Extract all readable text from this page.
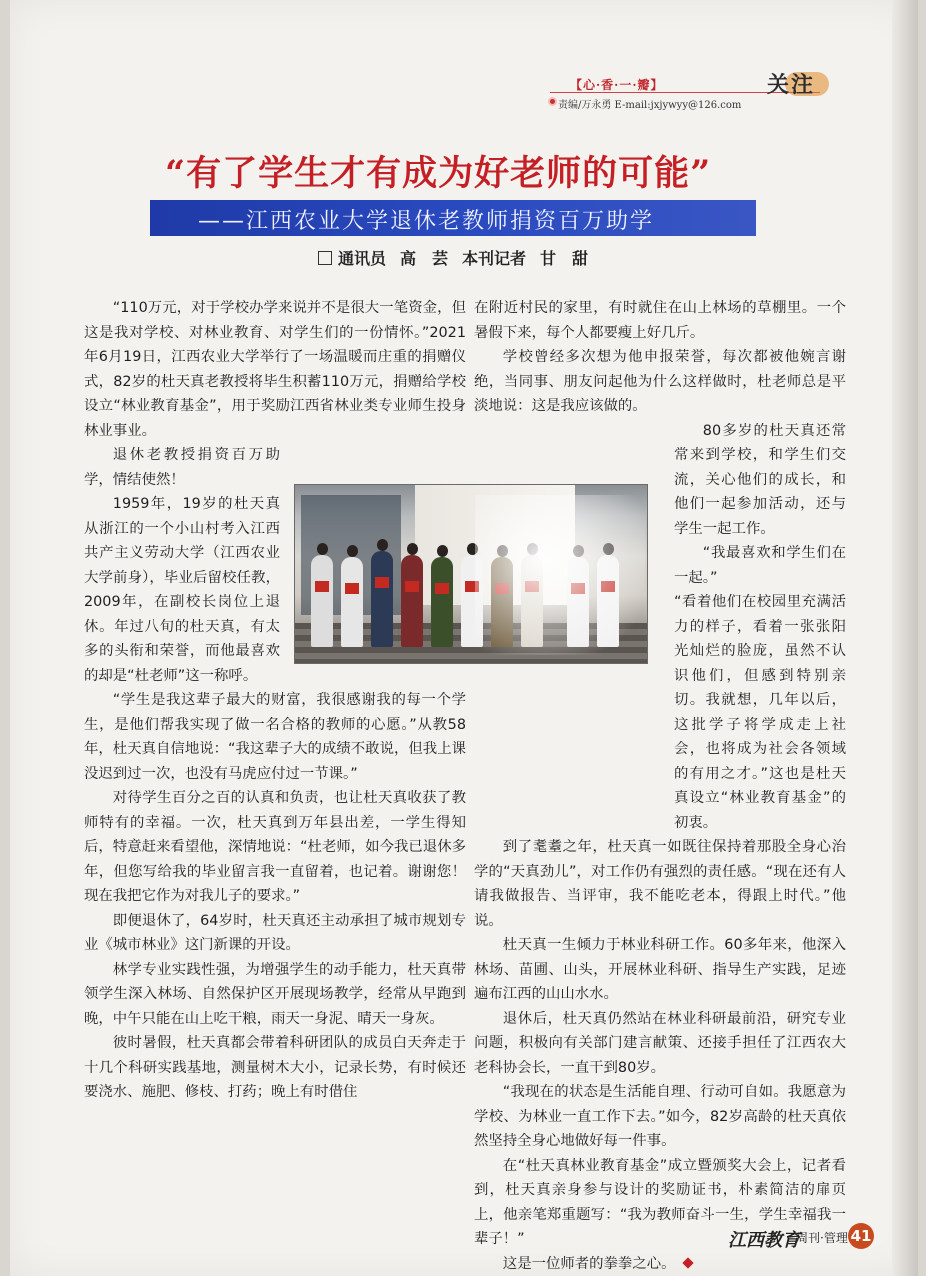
【心·香·一·瓣】	关注
责编/万永勇 E-mail:jxjywyy@126.com
“有了学生才有成为好老师的可能”
——江西农业大学退休老教师捐资百万助学
通讯员 高　芸 本刊记者 甘　甜

“110万元，对于学校办学来说并不是很大一笔资金，但这是我对学校、对林业教育、对学生们的一份情怀。”2021年6月19日，江西农业大学举行了一场温暖而庄重的捐赠仪式，82岁的杜天真老教授将毕生积蓄110万元，捐赠给学校设立“林业教育基金”，用于奖励江西省林业类专业师生投身林业事业。

退休老教授捐资百万助学，情结使然！

1959年，19岁的杜天真从浙江的一个小山村考入江西共产主义劳动大学（江西农业大学前身），毕业后留校任教，2009年，在副校长岗位上退休。年过八旬的杜天真，有太多的头衔和荣誉，而他最喜欢的却是“杜老师”这一称呼。

“学生是我这辈子最大的财富，我很感谢我的每一个学生，是他们帮我实现了做一名合格的教师的心愿。”从教58年，杜天真自信地说：“我这辈子大的成绩不敢说，但我上课没迟到过一次，也没有马虎应付过一节课。”

对待学生百分之百的认真和负责，也让杜天真收获了教师特有的幸福。一次，杜天真到万年县出差，一学生得知后，特意赶来看望他，深情地说：“杜老师，如今我已退休多年，但您写给我的毕业留言我一直留着，也记着。谢谢您！现在我把它作为对我儿子的要求。”

即便退休了，64岁时，杜天真还主动承担了城市规划专业《城市林业》这门新课的开设。

林学专业实践性强，为增强学生的动手能力，杜天真带领学生深入林场、自然保护区开展现场教学，经常从早跑到晚，中午只能在山上吃干粮，雨天一身泥、晴天一身灰。

彼时暑假，杜天真都会带着科研团队的成员白天奔走于十几个科研实践基地，测量树木大小，记录长势，有时候还要浇水、施肥、修枝、打药；晚上有时借住

在附近村民的家里，有时就住在山上林场的草棚里。一个暑假下来，每个人都要瘦上好几斤。

学校曾经多次想为他申报荣誉，每次都被他婉言谢绝，当同事、朋友问起他为什么这样做时，杜老师总是平淡地说：这是我应该做的。

80多岁的杜天真还常常来到学校，和学生们交流，关心他们的成长，和他们一起参加活动，还与学生一起工作。

“我最喜欢和学生们在一起。”

“看着他们在校园里充满活力的样子，看着一张张阳光灿烂的脸庞，虽然不认识他们，但感到特别亲切。我就想，几年以后，这批学子将学成走上社会，也将成为社会各领域的有用之才。”这也是杜天真设立“林业教育基金”的初衷。

到了耄耋之年，杜天真一如既往保持着那股全身心治学的“天真劲儿”，对工作仍有强烈的责任感。“现在还有人请我做报告、当评审，我不能吃老本，得跟上时代。”他说。

杜天真一生倾力于林业科研工作。60多年来，他深入林场、苗圃、山头，开展林业科研、指导生产实践，足迹遍布江西的山山水水。

退休后，杜天真仍然站在林业科研最前沿，研究专业问题，积极向有关部门建言献策、还接手担任了江西农大老科协会长，一直干到80岁。

“我现在的状态是生活能自理、行动可自如。我愿意为学校、为林业一直工作下去。”如今，82岁高龄的杜天真依然坚持全身心地做好每一件事。

在“杜天真林业教育基金”成立暨颁奖大会上，记者看到，杜天真亲身参与设计的奖励证书，朴素简洁的扉页上，他亲笔郑重题写：“我为教师奋斗一生，学生幸福我一辈子！”

这是一位师者的拳拳之心。

江西教育
周刊·管理 41
